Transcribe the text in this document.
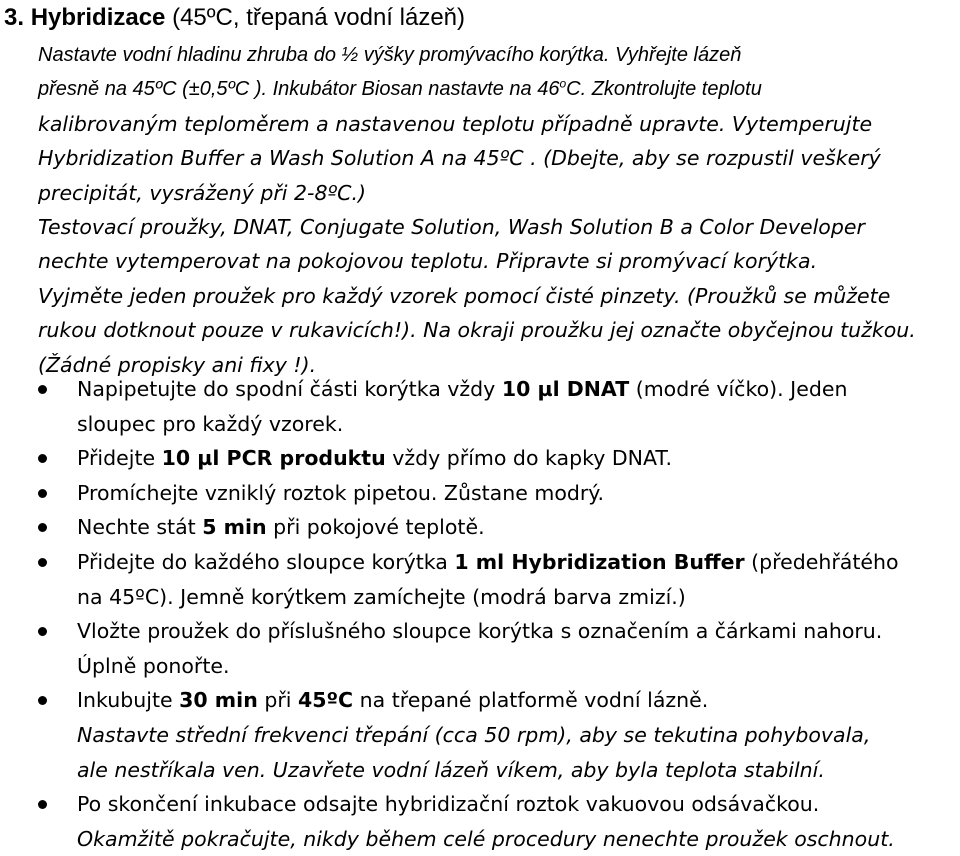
3. Hybridizace (45ºC, třepaná vodní lázeň)
Nastavte vodní hladinu zhruba do ½ výšky promývacího korýtka. Vyhřejte lázeň
přesně na 45ºC (±0,5ºC ). Inkubátor Biosan nastavte na 46$^o$C. Zkontrolujte teplotu
kalibrovaným teploměrem a nastavenou teplotu případně upravte. Vytemperujte
Hybridization Buffer a Wash Solution A na 45ºC . (Dbejte, aby se rozpustil veškerý
precipitát, vysrážený při 2-8ºC.)
Testovací proužky, DNAT, Conjugate Solution, Wash Solution B a Color Developer
nechte vytemperovat na pokojovou teplotu. Připravte si promývací korýtka.
Vyjměte jeden proužek pro každý vzorek pomocí čisté pinzety. (Proužků se můžete
rukou dotknout pouze v rukavicích!). Na okraji proužku jej označte obyčejnou tužkou.
(Žádné propisky ani fixy !).
Napipetujte do spodní části korýtka vždy 10 µl DNAT (modré víčko). Jeden
sloupec pro každý vzorek.
Přidejte 10 µl PCR produktu vždy přímo do kapky DNAT.
Promíchejte vzniklý roztok pipetou. Zůstane modrý.
Nechte stát 5 min při pokojové teplotě.
Přidejte do každého sloupce korýtka 1 ml Hybridization Buffer (předehřátého
na 45ºC). Jemně korýtkem zamíchejte (modrá barva zmizí.)
Vložte proužek do příslušného sloupce korýtka s označením a čárkami nahoru.
Úplně ponořte.
Inkubujte 30 min při 45ºC na třepané platformě vodní lázně.
Nastavte střední frekvenci třepání (cca 50 rpm), aby se tekutina pohybovala,
ale nestříkala ven. Uzavřete vodní lázeň víkem, aby byla teplota stabilní.
Po skončení inkubace odsajte hybridizační roztok vakuovou odsávačkou.
Okamžitě pokračujte, nikdy během celé procedury nenechte proužek oschnout.
